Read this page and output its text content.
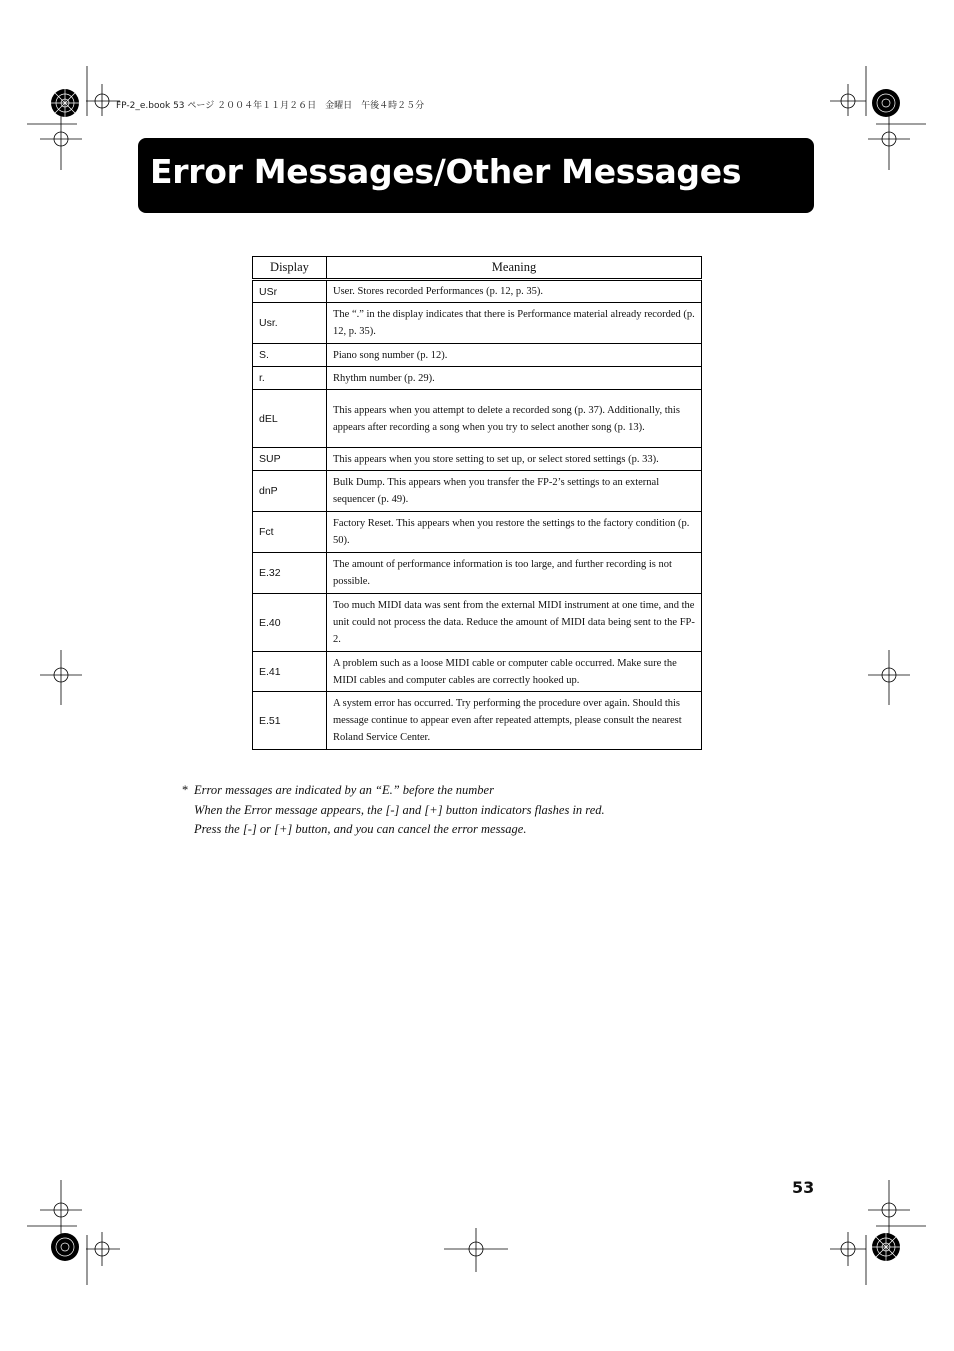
FP-2_e.book 53 ページ ２００４年１１月２６日　金曜日　午後４時２５分
Error Messages/Other Messages
Display	Meaning
USr	User. Stores recorded Performances (p. 12, p. 35).
Usr.	The “.” in the display indicates that there is Performance material already recorded (p. 12, p. 35).
S.	Piano song number (p. 12).
r.	Rhythm number (p. 29).
dEL	This appears when you attempt to delete a recorded song (p. 37). Additionally, this appears after recording a song when you try to select another song (p. 13).
SUP	This appears when you store setting to set up, or select stored settings (p. 33).
dnP	Bulk Dump. This appears when you transfer the FP-2’s settings to an external sequencer (p. 49).
Fct	Factory Reset. This appears when you restore the settings to the factory condition (p. 50).
E.32	The amount of performance information is too large, and further recording is not possible.
E.40	Too much MIDI data was sent from the external MIDI instrument at one time, and the unit could not process the data. Reduce the amount of MIDI data being sent to the FP-2.
E.41	A problem such as a loose MIDI cable or computer cable occurred. Make sure the MIDI cables and computer cables are correctly hooked up.
E.51	A system error has occurred. Try performing the procedure over again. Should this message continue to appear even after repeated attempts, please consult the nearest Roland Service Center.
* Error messages are indicated by an “E.” before the number
When the Error message appears, the [-] and [+] button indicators flashes in red.
Press the [-] or [+] button, and you can cancel the error message.
53
